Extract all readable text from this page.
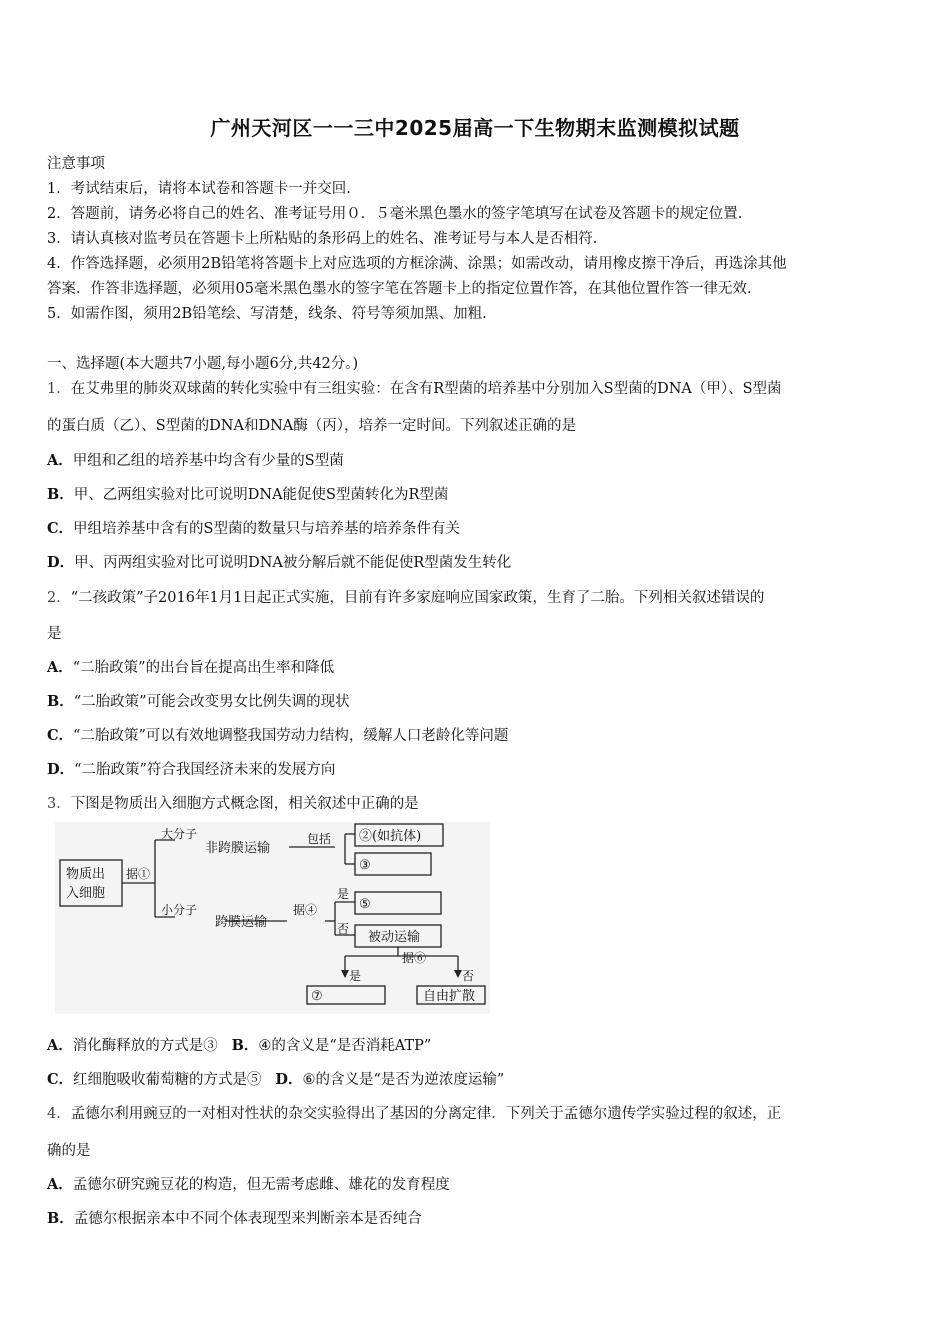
广州天河区一一三中2025届高一下生物期末监测模拟试题
注意事项
1．考试结束后，请将本试卷和答题卡一并交回.
2．答题前，请务必将自己的姓名、准考证号用０．５毫米黑色墨水的签字笔填写在试卷及答题卡的规定位置.
3．请认真核对监考员在答题卡上所粘贴的条形码上的姓名、准考证号与本人是否相符.
4．作答选择题，必须用2B铅笔将答题卡上对应选项的方框涂满、涂黑；如需改动，请用橡皮擦干净后，再选涂其他
答案．作答非选择题，必须用05毫米黑色墨水的签字笔在答题卡上的指定位置作答，在其他位置作答一律无效.
5．如需作图，须用2B铅笔绘、写清楚，线条、符号等须加黑、加粗.
一、选择题(本大题共7小题,每小题6分,共42分。)
1．在艾弗里的肺炎双球菌的转化实验中有三组实验：在含有R型菌的培养基中分别加入S型菌的DNA（甲）、S型菌
的蛋白质（乙）、S型菌的DNA和DNA酶（丙），培养一定时间。下列叙述正确的是
A．甲组和乙组的培养基中均含有少量的S型菌
B．甲、乙两组实验对比可说明DNA能促使S型菌转化为R型菌
C．甲组培养基中含有的S型菌的数量只与培养基的培养条件有关
D．甲、丙两组实验对比可说明DNA被分解后就不能促使R型菌发生转化
2．“二孩政策”子2016年1月1日起正式实施，目前有许多家庭响应国家政策，生育了二胎。下列相关叙述错误的
是
A．“二胎政策”的出台旨在提高出生率和降低
B．“二胎政策”可能会改变男女比例失调的现状
C．“二胎政策”可以有效地调整我国劳动力结构，缓解人口老龄化等问题
D．“二胎政策”符合我国经济未来的发展方向
3．下图是物质出入细胞方式概念图，相关叙述中正确的是
物质出
入细胞
据①
大分子
非跨膜运输
包括 ②(如抗体)
③
小分子
跨膜运输
据④
是
否
⑤
被动运输
据⑥
是	否
⑦	自由扩散
A．消化酶释放的方式是③ B．④的含义是“是否消耗ATP”
C．红细胞吸收葡萄糖的方式是⑤ D．⑥的含义是“是否为逆浓度运输”
4．孟德尔利用豌豆的一对相对性状的杂交实验得出了基因的分离定律．下列关于孟德尔遗传学实验过程的叙述，正
确的是
A．孟德尔研究豌豆花的构造，但无需考虑雌、雄花的发育程度
B．孟德尔根据亲本中不同个体表现型来判断亲本是否纯合
